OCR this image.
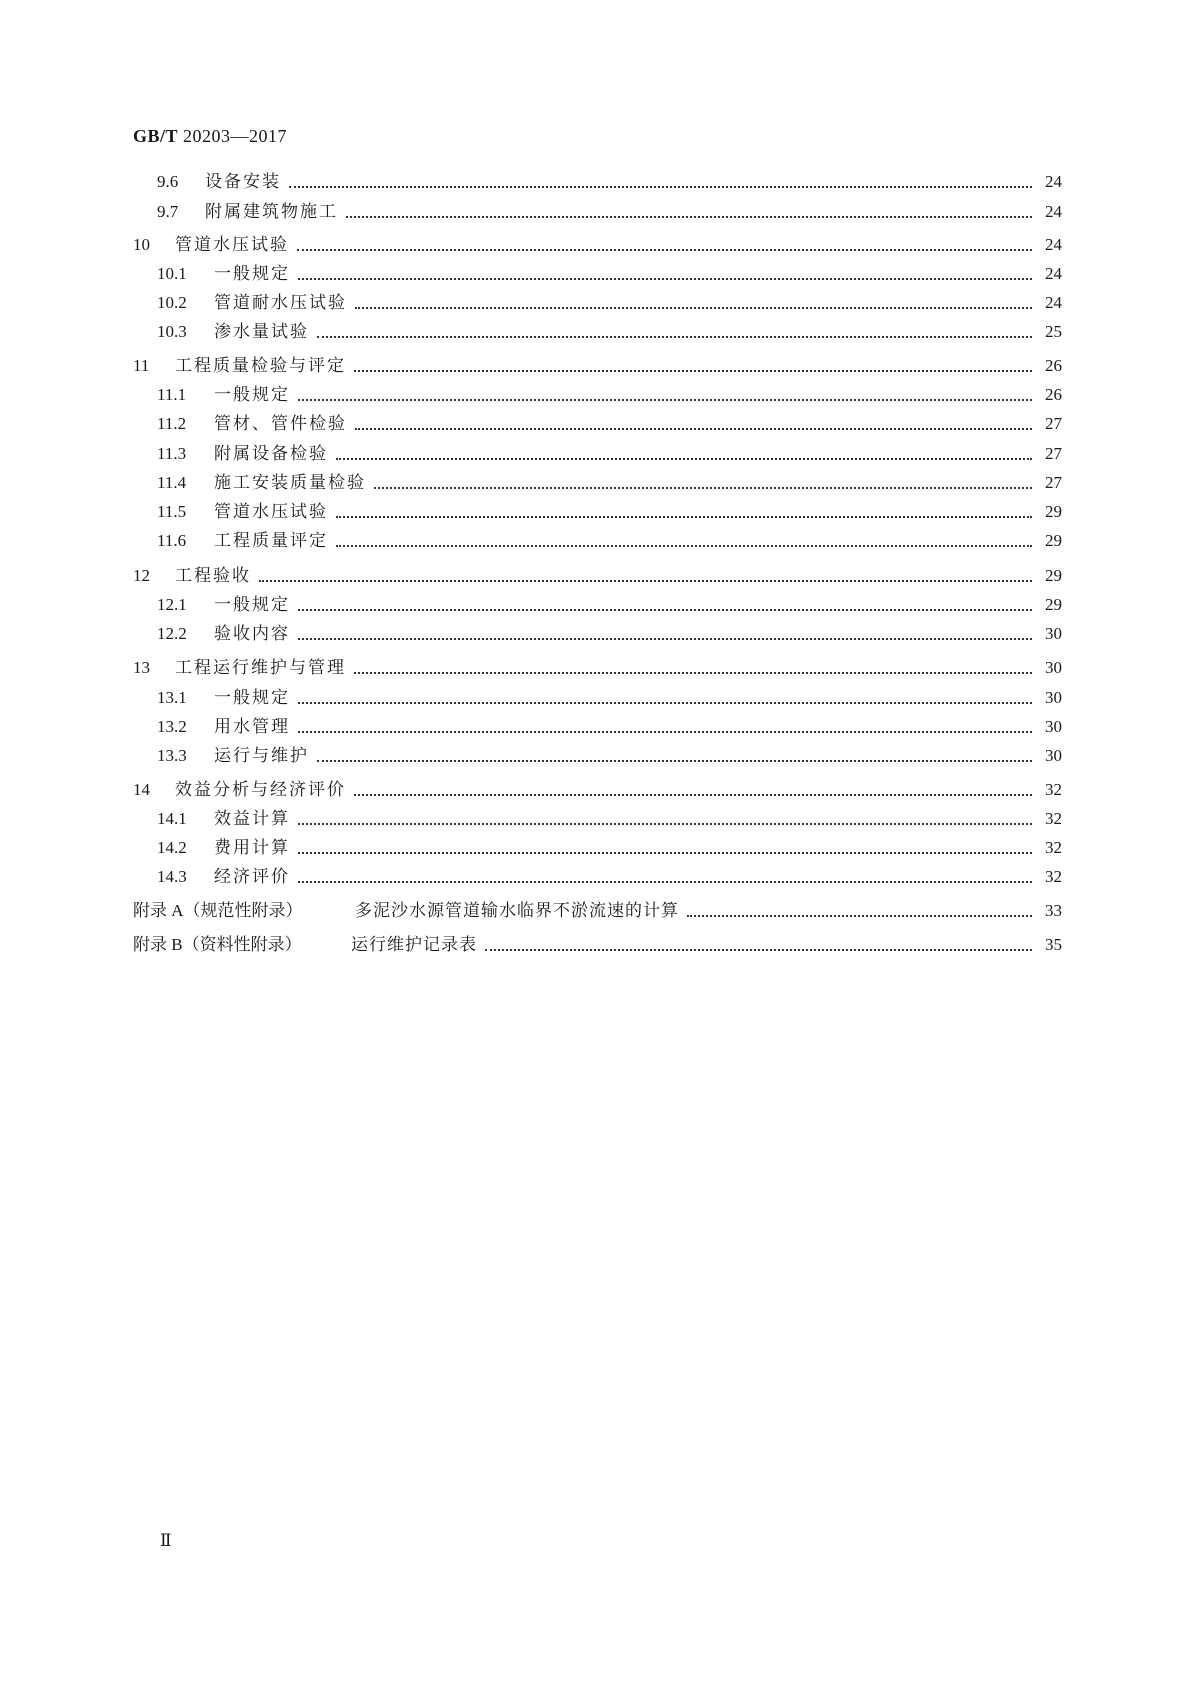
GB/T 20203—2017
9.6	设备安装	24
9.7	附属建筑物施工	24
10	管道水压试验	24
10.1	一般规定	24
10.2	管道耐水压试验	24
10.3	渗水量试验	25
11	工程质量检验与评定	26
11.1	一般规定	26
11.2	管材、管件检验	27
11.3	附属设备检验	27
11.4	施工安装质量检验	27
11.5	管道水压试验	29
11.6	工程质量评定	29
12	工程验收	29
12.1	一般规定	29
12.2	验收内容	30
13	工程运行维护与管理	30
13.1	一般规定	30
13.2	用水管理	30
13.3	运行与维护	30
14	效益分析与经济评价	32
14.1	效益计算	32
14.2	费用计算	32
14.3	经济评价	32
附录 A（规范性附录）	多泥沙水源管道输水临界不淤流速的计算	33
附录 B（资料性附录）	运行维护记录表	35
Ⅱ
